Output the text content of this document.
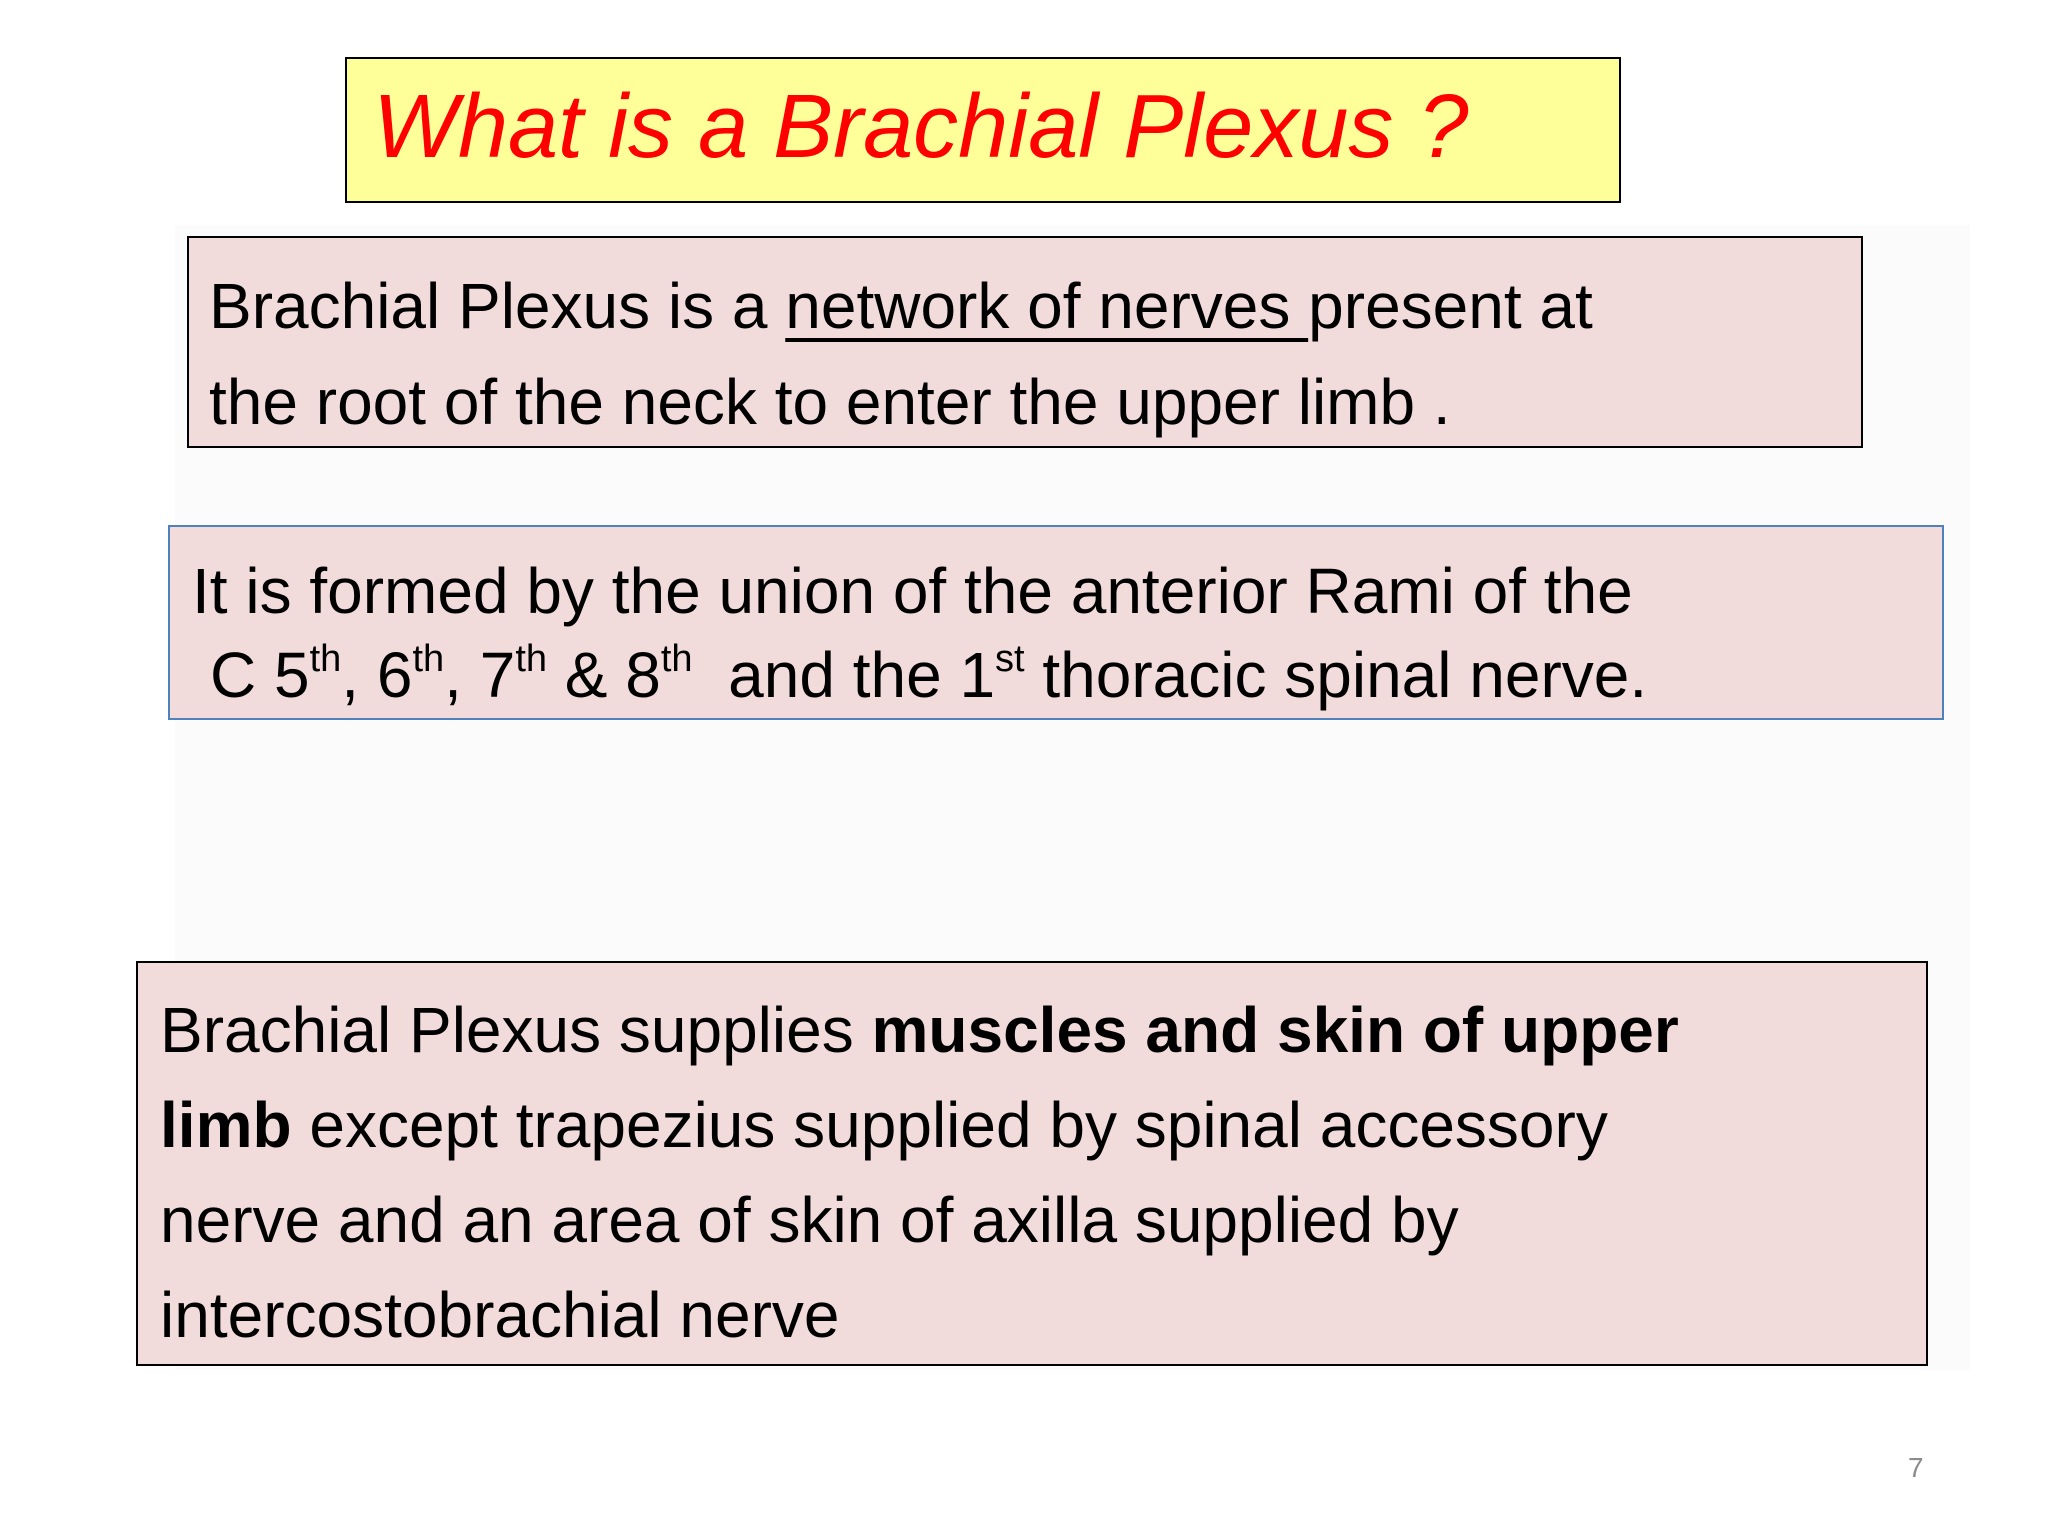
What is a Brachial Plexus ?
Brachial Plexus is a network of nerves present at
the root of the neck to enter the upper limb .
It is formed by the union of the anterior Rami of the
C 5th, 6th, 7th & 8th  and the 1st thoracic spinal nerve.
Brachial Plexus supplies muscles and skin of upper
limb except trapezius supplied by spinal accessory
nerve and an area of skin of axilla supplied by
intercostobrachial nerve
7
